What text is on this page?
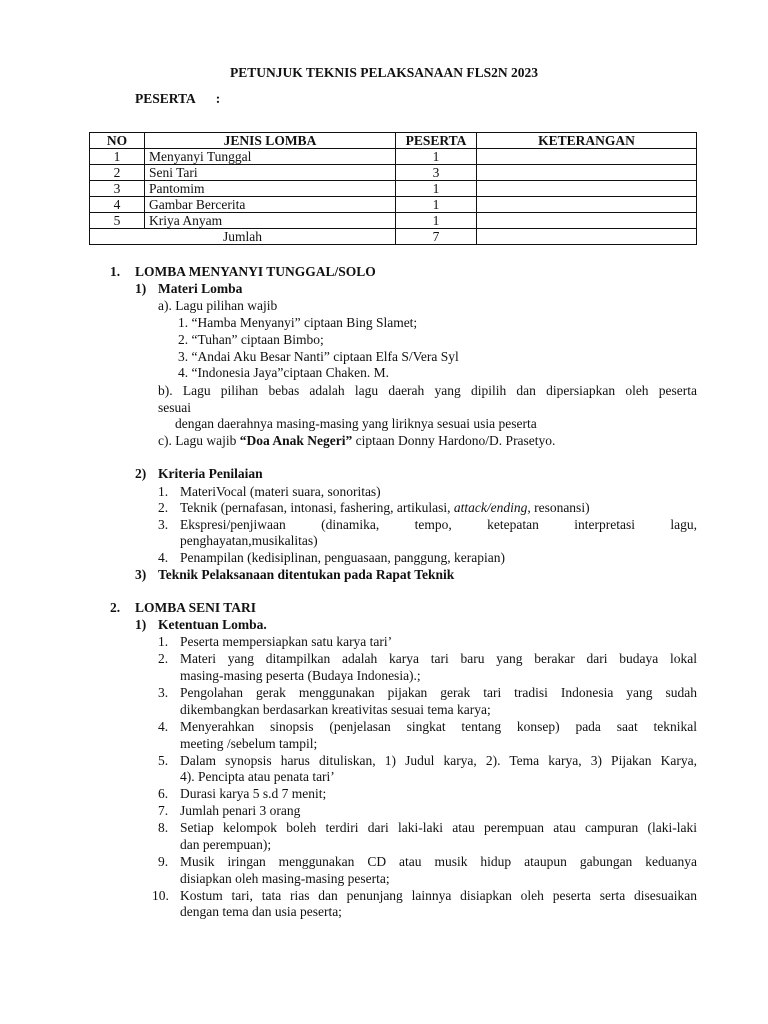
PETUNJUK TEKNIS PELAKSANAAN FLS2N 2023
PESERTA :
NO	JENIS LOMBA	PESERTA	KETERANGAN
1	Menyanyi Tunggal	1	
2	Seni Tari	3	
3	Pantomim	1	
4	Gambar Bercerita	1	
5	Kriya Anyam	1	
Jumlah		7	
1. LOMBA MENYANYI TUNGGAL/SOLO
1) Materi Lomba
a). Lagu pilihan wajib
1. “Hamba Menyanyi” ciptaan Bing Slamet;
2. “Tuhan” ciptaan Bimbo;
3. “Andai Aku Besar Nanti” ciptaan Elfa S/Vera Syl
4. “Indonesia Jaya”ciptaan Chaken. M.
b). Lagu pilihan bebas adalah lagu daerah yang dipilih dan dipersiapkan oleh peserta
sesuai
dengan daerahnya masing-masing yang liriknya sesuai usia peserta
c). Lagu wajib “Doa Anak Negeri” ciptaan Donny Hardono/D. Prasetyo.
2) Kriteria Penilaian
1. MateriVocal (materi suara, sonoritas)
2. Teknik (pernafasan, intonasi, fashering, artikulasi, attack/ending, resonansi)
3. Ekspresi/penjiwaan (dinamika, tempo, ketepatan interpretasi lagu,
penghayatan,musikalitas)
4. Penampilan (kedisiplinan, penguasaan, panggung, kerapian)
3) Teknik Pelaksanaan ditentukan pada Rapat Teknik
2. LOMBA SENI TARI
1) Ketentuan Lomba.
1. Peserta mempersiapkan satu karya tari’
2. Materi yang ditampilkan adalah karya tari baru yang berakar dari budaya lokal
masing-masing peserta (Budaya Indonesia).;
3. Pengolahan gerak menggunakan pijakan gerak tari tradisi Indonesia yang sudah
dikembangkan berdasarkan kreativitas sesuai tema karya;
4. Menyerahkan sinopsis (penjelasan singkat tentang konsep) pada saat teknikal
meeting /sebelum tampil;
5. Dalam synopsis harus dituliskan, 1) Judul karya, 2). Tema karya, 3) Pijakan Karya,
4). Pencipta atau penata tari’
6. Durasi karya 5 s.d 7 menit;
7. Jumlah penari 3 orang
8. Setiap kelompok boleh terdiri dari laki-laki atau perempuan atau campuran (laki-laki
dan perempuan);
9. Musik iringan menggunakan CD atau musik hidup ataupun gabungan keduanya
disiapkan oleh masing-masing peserta;
10. Kostum tari, tata rias dan penunjang lainnya disiapkan oleh peserta serta disesuaikan
dengan tema dan usia peserta;
